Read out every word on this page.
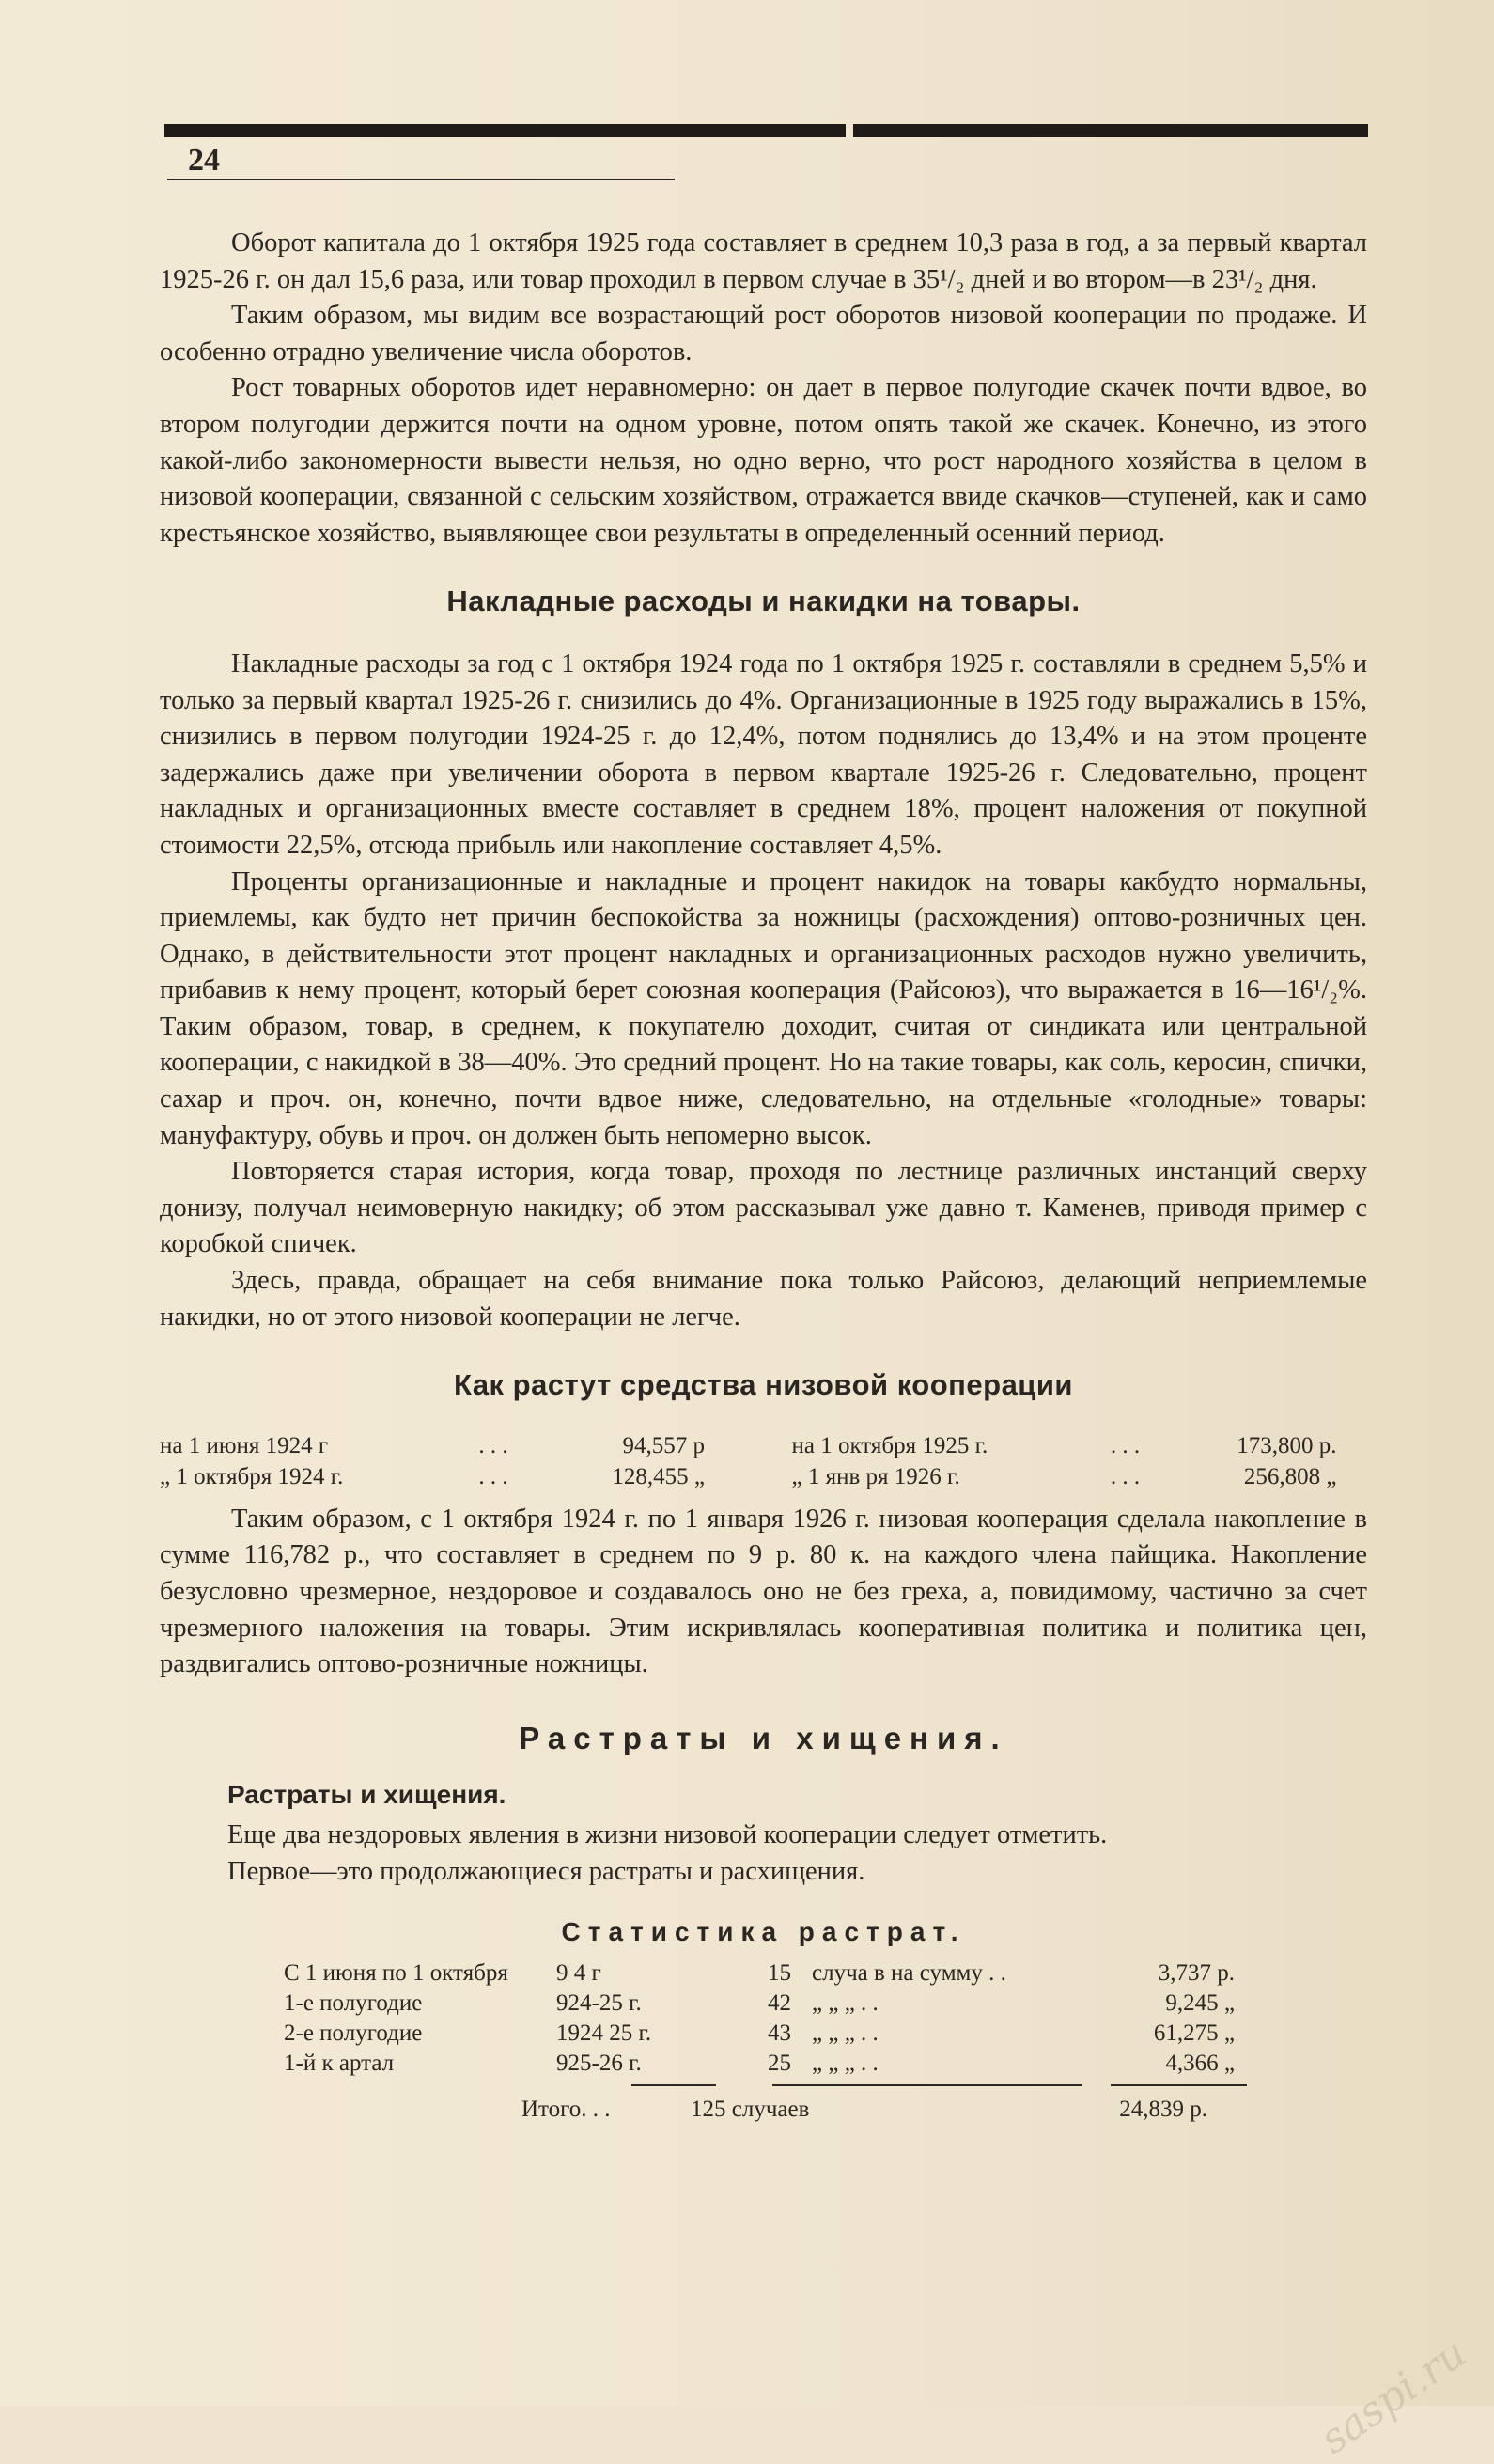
24

Оборот капитала до 1 октября 1925 года составляет в среднем 10,3 раза в год, а за первый квартал 1925-26 г. он дал 15,6 раза, или товар проходил в первом случае в 35¹/₂ дней и во втором—в 23¹/₂ дня.

Таким образом, мы видим все возрастающий рост оборотов низовой кооперации по продаже. И особенно отрадно увеличение числа оборотов.

Рост товарных оборотов идет неравномерно: он дает в первое полугодие скачек почти вдвое, во втором полугодии держится почти на одном уровне, потом опять такой же скачек. Конечно, из этого какой-либо закономерности вывести нельзя, но одно верно, что рост народного хозяйства в целом в низовой кооперации, связанной с сельским хозяйством, отражается ввиде скачков—ступеней, как и само крестьянское хозяйство, выявляющее свои результаты в определенный осенний период.

Накладные расходы и накидки на товары.

Накладные расходы за год с 1 октября 1924 года по 1 октября 1925 г. составляли в среднем 5,5% и только за первый квартал 1925-26 г. снизились до 4%. Организационные в 1925 году выражались в 15%, снизились в первом полугодии 1924-25 г. до 12,4%, потом поднялись до 13,4% и на этом проценте задержались даже при увеличении оборота в первом квартале 1925-26 г. Следовательно, процент накладных и организационных вместе составляет в среднем 18%, процент наложения от покупной стоимости 22,5%, отсюда прибыль или накопление составляет 4,5%.

Проценты организационные и накладные и процент накидок на товары какбудто нормальны, приемлемы, как будто нет причин беспокойства за ножницы (расхождения) оптово-розничных цен. Однако, в действительности этот процент накладных и организационных расходов нужно увеличить, прибавив к нему процент, который берет союзная кооперация (Райсоюз), что выражается в 16—16¹/₂%. Таким образом, товар, в среднем, к покупателю доходит, считая от синдиката или центральной кооперации, с накидкой в 38—40%. Это средний процент. Но на такие товары, как соль, керосин, спички, сахар и проч. он, конечно, почти вдвое ниже, следовательно, на отдельные «голодные» товары: мануфактуру, обувь и проч. он должен быть непомерно высок.

Повторяется старая история, когда товар, проходя по лестнице различных инстанций сверху донизу, получал неимоверную накидку; об этом рассказывал уже давно т. Каменев, приводя пример с коробкой спичек.

Здесь, правда, обращает на себя внимание пока только Райсоюз, делающий неприемлемые накидки, но от этого низовой кооперации не легче.

Как растут средства низовой кооперации
на 1 июня 1924 г	. . .	94,557 р	на 1 октября 1925 г.	. . .	173,800 р.
„ 1 октября 1924 г.	. . .	128,455 „	„ 1 янв ря 1926 г.	. . .	256,808 „

Таким образом, с 1 октября 1924 г. по 1 января 1926 г. низовая кооперация сделала накопление в сумме 116,782 р., что составляет в среднем по 9 р. 80 к. на каждого члена пайщика. Накопление безусловно чрезмерное, нездоровое и создавалось оно не без греха, а, повидимому, частично за счет чрезмерного наложения на товары. Этим искривлялась кооперативная политика и политика цен, раздвигались оптово-розничные ножницы.

Растраты и хищения.
Растраты и хищения.
Еще два нездоровых явления в жизни низовой кооперации следует отметить.
Первое—это продолжающиеся растраты и расхищения.
Статистика растрат.
С 1 июня по 1 октября	9 4 г	15 случа в на сумму . .	3,737 р.
1-е полугодие	924-25 г.	42 „ „ „ . .	9,245 „
2-е полугодие	1924 25 г.	43 „ „ „ . .	61,275 „
1-й к артал	925-26 г.	25 „ „ „ . .	4,366 „
Итого. . .	125 случаев	24,839 р.
saspi.ru
